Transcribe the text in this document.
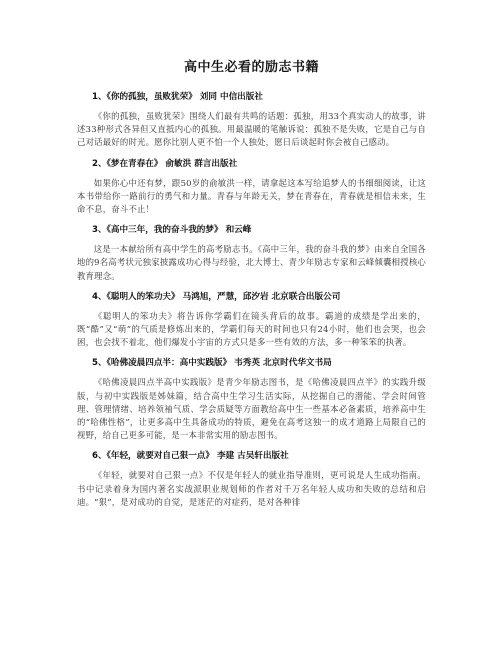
高中生必看的励志书籍
1、《你的孤独，虽败犹荣》 刘同 中信出版社

《你的孤独，虽败犹荣》围绕人们最有共鸣的话题：孤独，用33个真实动人的故事，讲述33种形式各异但又直抵内心的孤独。用最温暖的笔触诉说：孤独不是失败，它是自己与自己对话最好的时光。愿你比别人更不怕一个人独处，愿日后谈起时你会被自己感动。

2、《梦在青春在》 俞敏洪 群言出版社

如果你心中还有梦，跟50岁的俞敏洪一样，请拿起这本写给追梦人的书细细阅读，让这本书带给你一路前行的勇气和力量。青春与年龄无关，梦在青春在，青春就是相信未来，生命不息，奋斗不止！

3、《高中三年，我的奋斗我的梦》 和云峰

这是一本献给所有高中学生的高考励志书。《高中三年，我的奋斗我的梦》由来自全国各地的9名高考状元独家披露成功心得与经验，北大博士、青少年励志专家和云峰倾囊相授核心教育理念。

4、《聪明人的笨功夫》 马鸿旭，严慧，邱汐岩 北京联合出版公司

《聪明人的笨功夫》将告诉你学霸们在镜头背后的故事。霸道的成绩是学出来的，既“酷”又“萌”的气质是修炼出来的，学霸们每天的时间也只有24小时，他们也会哭，也会困，也会找不着北，他们爆发小宇宙的方式只是多一些有效的方法，多一种笨笨的执著。

5、《哈佛凌晨四点半：高中实践版》 韦秀英 北京时代华文书局

《哈佛凌晨四点半高中实践版》是青少年励志图书，是《哈佛凌晨四点半》的实践升级版，与初中实践版是姊妹篇，结合高中生学习生活实际，从挖掘自己的潜能、学会时间管理、管理情绪、培养领袖气质、学会质疑等方面教给高中生一些基本必备素质，培养高中生的“哈佛性格”，让更多高中生具备成功的特质，避免在高考这独一的成才道路上局限自己的视野，给自己更多可能，是一本非常实用的励志图书。

6、《年轻，就要对自己狠一点》 李建 古吴轩出版社

《年轻，就要对自己狠一点》不仅是年轻人的就业指导准则，更可说是人生成功指南。书中记录着身为国内著名实战派职业规划师的作者对千万名年轻人成功和失败的总结和启迪。“狠”，是对成功的自觉，是迷茫的对症药，是对各种徘
